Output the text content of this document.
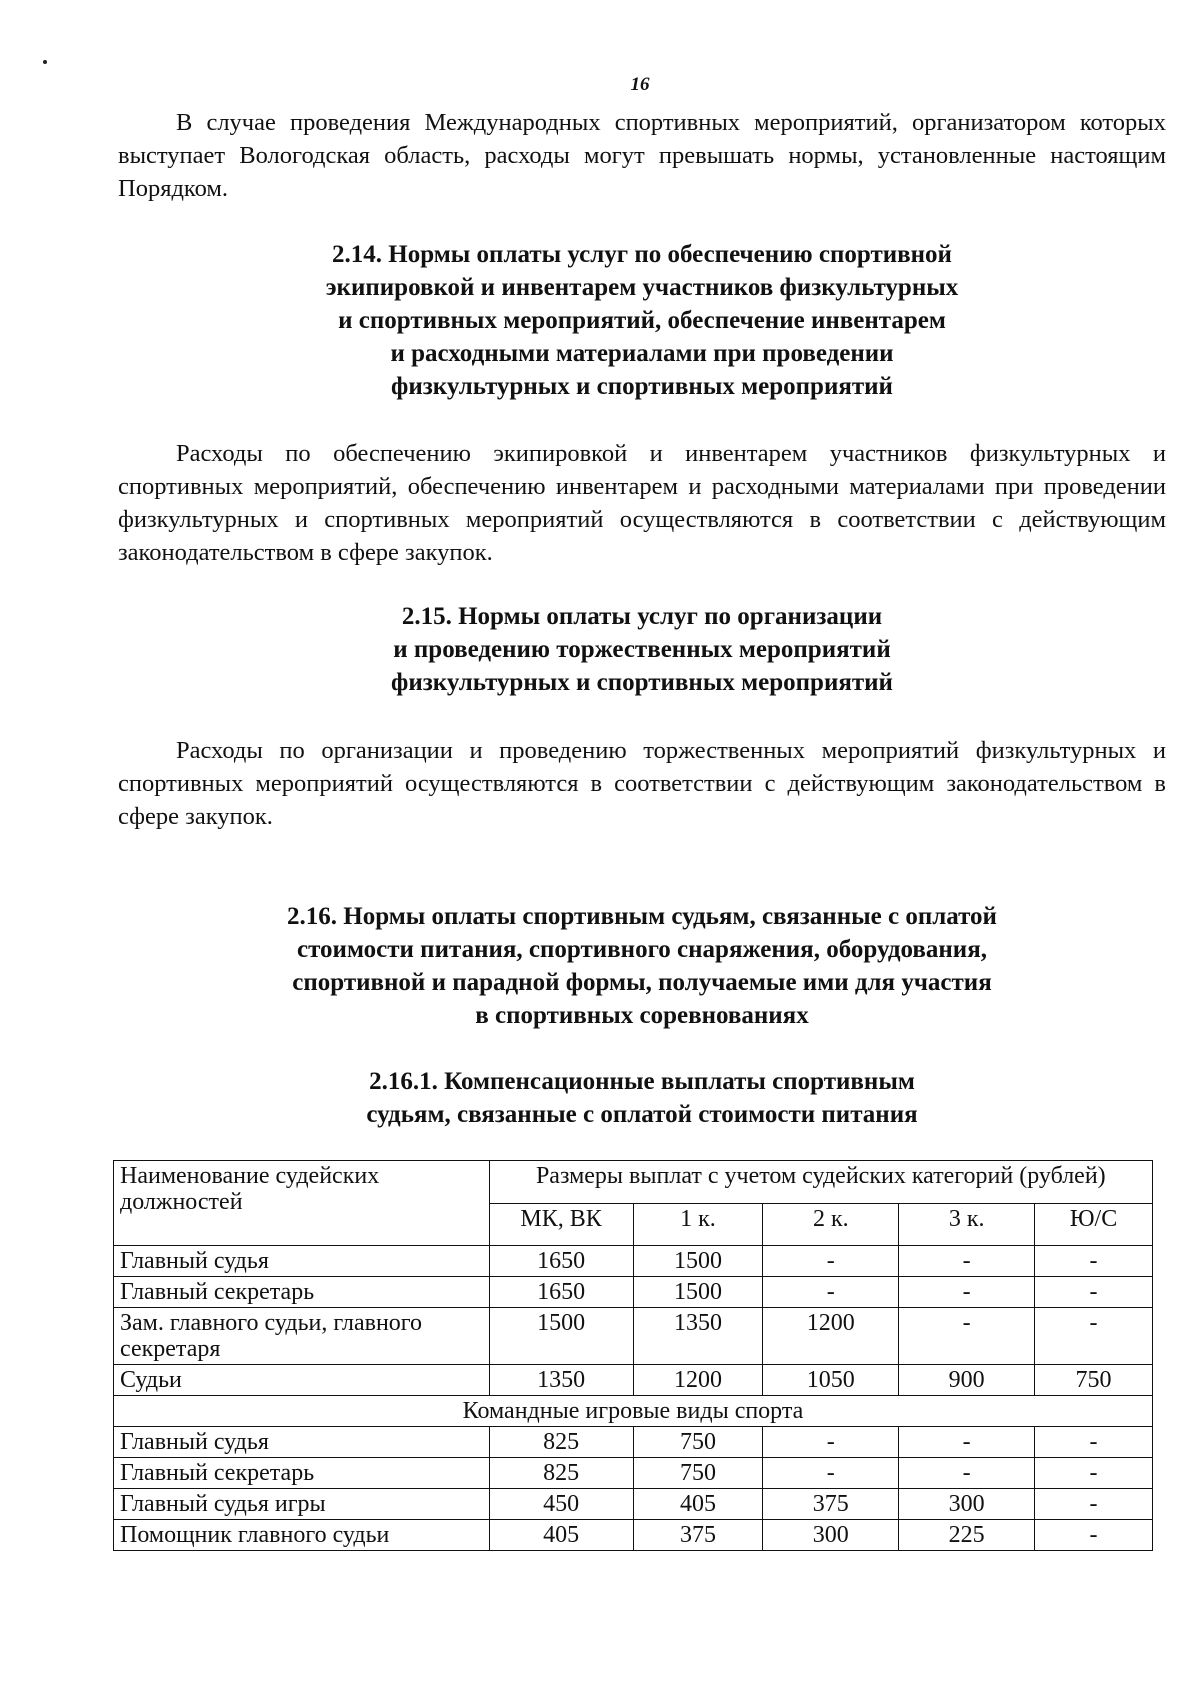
16

В случае проведения Международных спортивных мероприятий, организатором которых выступает Вологодская область, расходы могут превышать нормы, установленные настоящим Порядком.

2.14. Нормы оплаты услуг по обеспечению спортивной
экипировкой и инвентарем участников физкультурных
и спортивных мероприятий, обеспечение инвентарем
и расходными материалами при проведении
физкультурных и спортивных мероприятий

Расходы по обеспечению экипировкой и инвентарем участников физкультурных и спортивных мероприятий, обеспечению инвентарем и расходными материалами при проведении физкультурных и спортивных мероприятий осуществляются в соответствии с действующим законодательством в сфере закупок.

2.15. Нормы оплаты услуг по организации
и проведению торжественных мероприятий
физкультурных и спортивных мероприятий

Расходы по организации и проведению торжественных мероприятий физкультурных и спортивных мероприятий осуществляются в соответствии с действующим законодательством в сфере закупок.

2.16. Нормы оплаты спортивным судьям, связанные с оплатой
стоимости питания, спортивного снаряжения, оборудования,
спортивной и парадной формы, получаемые ими для участия
в спортивных соревнованиях
2.16.1. Компенсационные выплаты спортивным
судьям, связанные с оплатой стоимости питания
Наименование судейских должностей	Размеры выплат с учетом судейских категорий (рублей)				
	МК, ВК	1 к.	2 к.	3 к.	Ю/С
Главный судья	1650	1500	-	-	-
Главный секретарь	1650	1500	-	-	-
Зам. главного судьи, главного секретаря	1500	1350	1200	-	-
Судьи	1350	1200	1050	900	750
Командные игровые виды спорта					
Главный судья	825	750	-	-	-
Главный секретарь	825	750	-	-	-
Главный судья игры	450	405	375	300	-
Помощник главного судьи	405	375	300	225	-
